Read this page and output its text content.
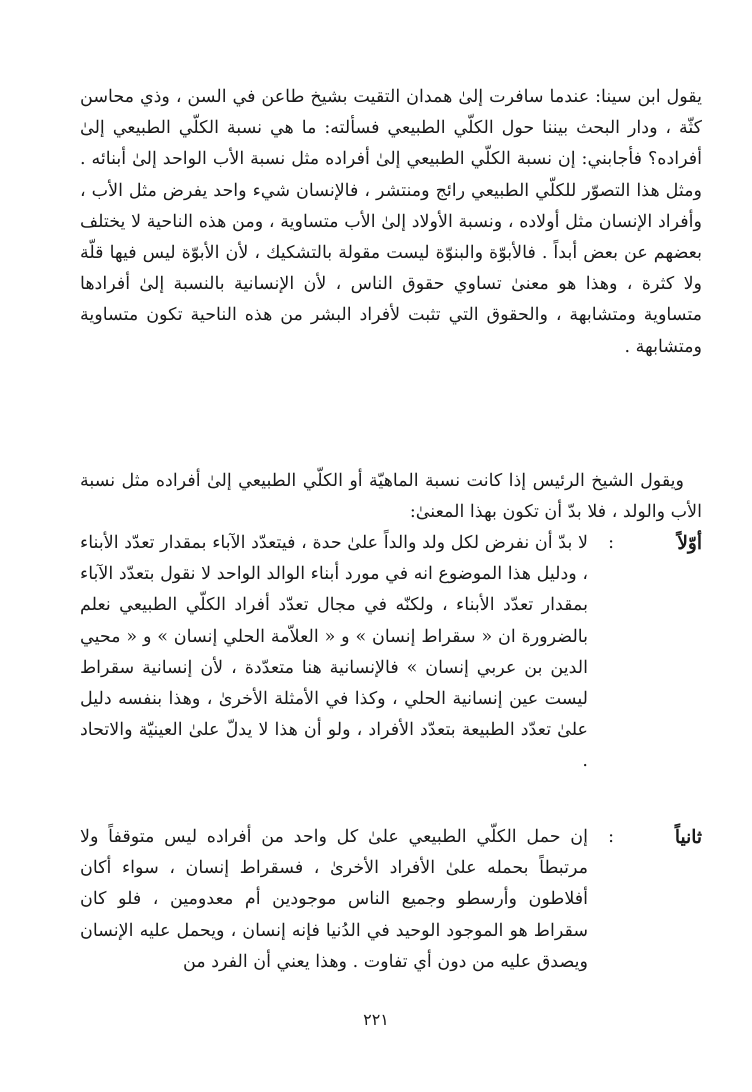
يقول ابن سينا: عندما سافرت إلىٰ همدان التقيت بشيخ طاعن في السن ، وذي محاسن كثّة ، ودار البحث بيننا حول الكلّي الطبيعي فسألته: ما هي نسبة الكلّي الطبيعي إلىٰ أفراده؟ فأجابني: إن نسبة الكلّي الطبيعي إلىٰ أفراده مثل نسبة الأب الواحد إلىٰ أبنائه . ومثل هذا التصوّر للكلّي الطبيعي رائج ومنتشر ، فالإنسان شيء واحد يفرض مثل الأب ، وأفراد الإنسان مثل أولاده ، ونسبة الأولاد إلىٰ الأب متساوية ، ومن هذه الناحية لا يختلف بعضهم عن بعض أبداً . فالأبوّة والبنوّة ليست مقولة بالتشكيك ، لأن الأبوّة ليس فيها قلّة ولا كثرة ، وهذا هو معنىٰ تساوي حقوق الناس ، لأن الإنسانية بالنسبة إلىٰ أفرادها متساوية ومتشابهة ، والحقوق التي تثبت لأفراد البشر من هذه الناحية تكون متساوية ومتشابهة .

ويقول الشيخ الرئيس إذا كانت نسبة الماهيّة أو الكلّي الطبيعي إلىٰ أفراده مثل نسبة الأب والولد ، فلا بدّ أن تكون بهذا المعنىٰ:

أوّلاً
:

لا بدّ أن نفرض لكل ولد والداً علىٰ حدة ، فيتعدّد الآباء بمقدار تعدّد الأبناء ، ودليل هذا الموضوع انه في مورد أبناء الوالد الواحد لا نقول بتعدّد الآباء بمقدار تعدّد الأبناء ، ولكنّه في مجال تعدّد أفراد الكلّي الطبيعي نعلم بالضرورة ان « سقراط إنسان » و « العلاّمة الحلي إنسان » و « محيي الدين بن عربي إنسان » فالإنسانية هنا متعدّدة ، لأن إنسانية سقراط ليست عين إنسانية الحلي ، وكذا في الأمثلة الأخرىٰ ، وهذا بنفسه دليل علىٰ تعدّد الطبيعة بتعدّد الأفراد ، ولو أن هذا لا يدلّ علىٰ العينيّة والاتحاد .

ثانياً
:

إن حمل الكلّي الطبيعي علىٰ كل واحد من أفراده ليس متوقفاً ولا مرتبطاً بحمله علىٰ الأفراد الأخرىٰ ، فسقراط إنسان ، سواء أكان أفلاطون وأرسطو وجميع الناس موجودين أم معدومين ، فلو كان سقراط هو الموجود الوحيد في الدُنيا فإنه إنسان ، ويحمل عليه الإنسان ويصدق عليه من دون أي تفاوت . وهذا يعني أن الفرد من

٢٢١
